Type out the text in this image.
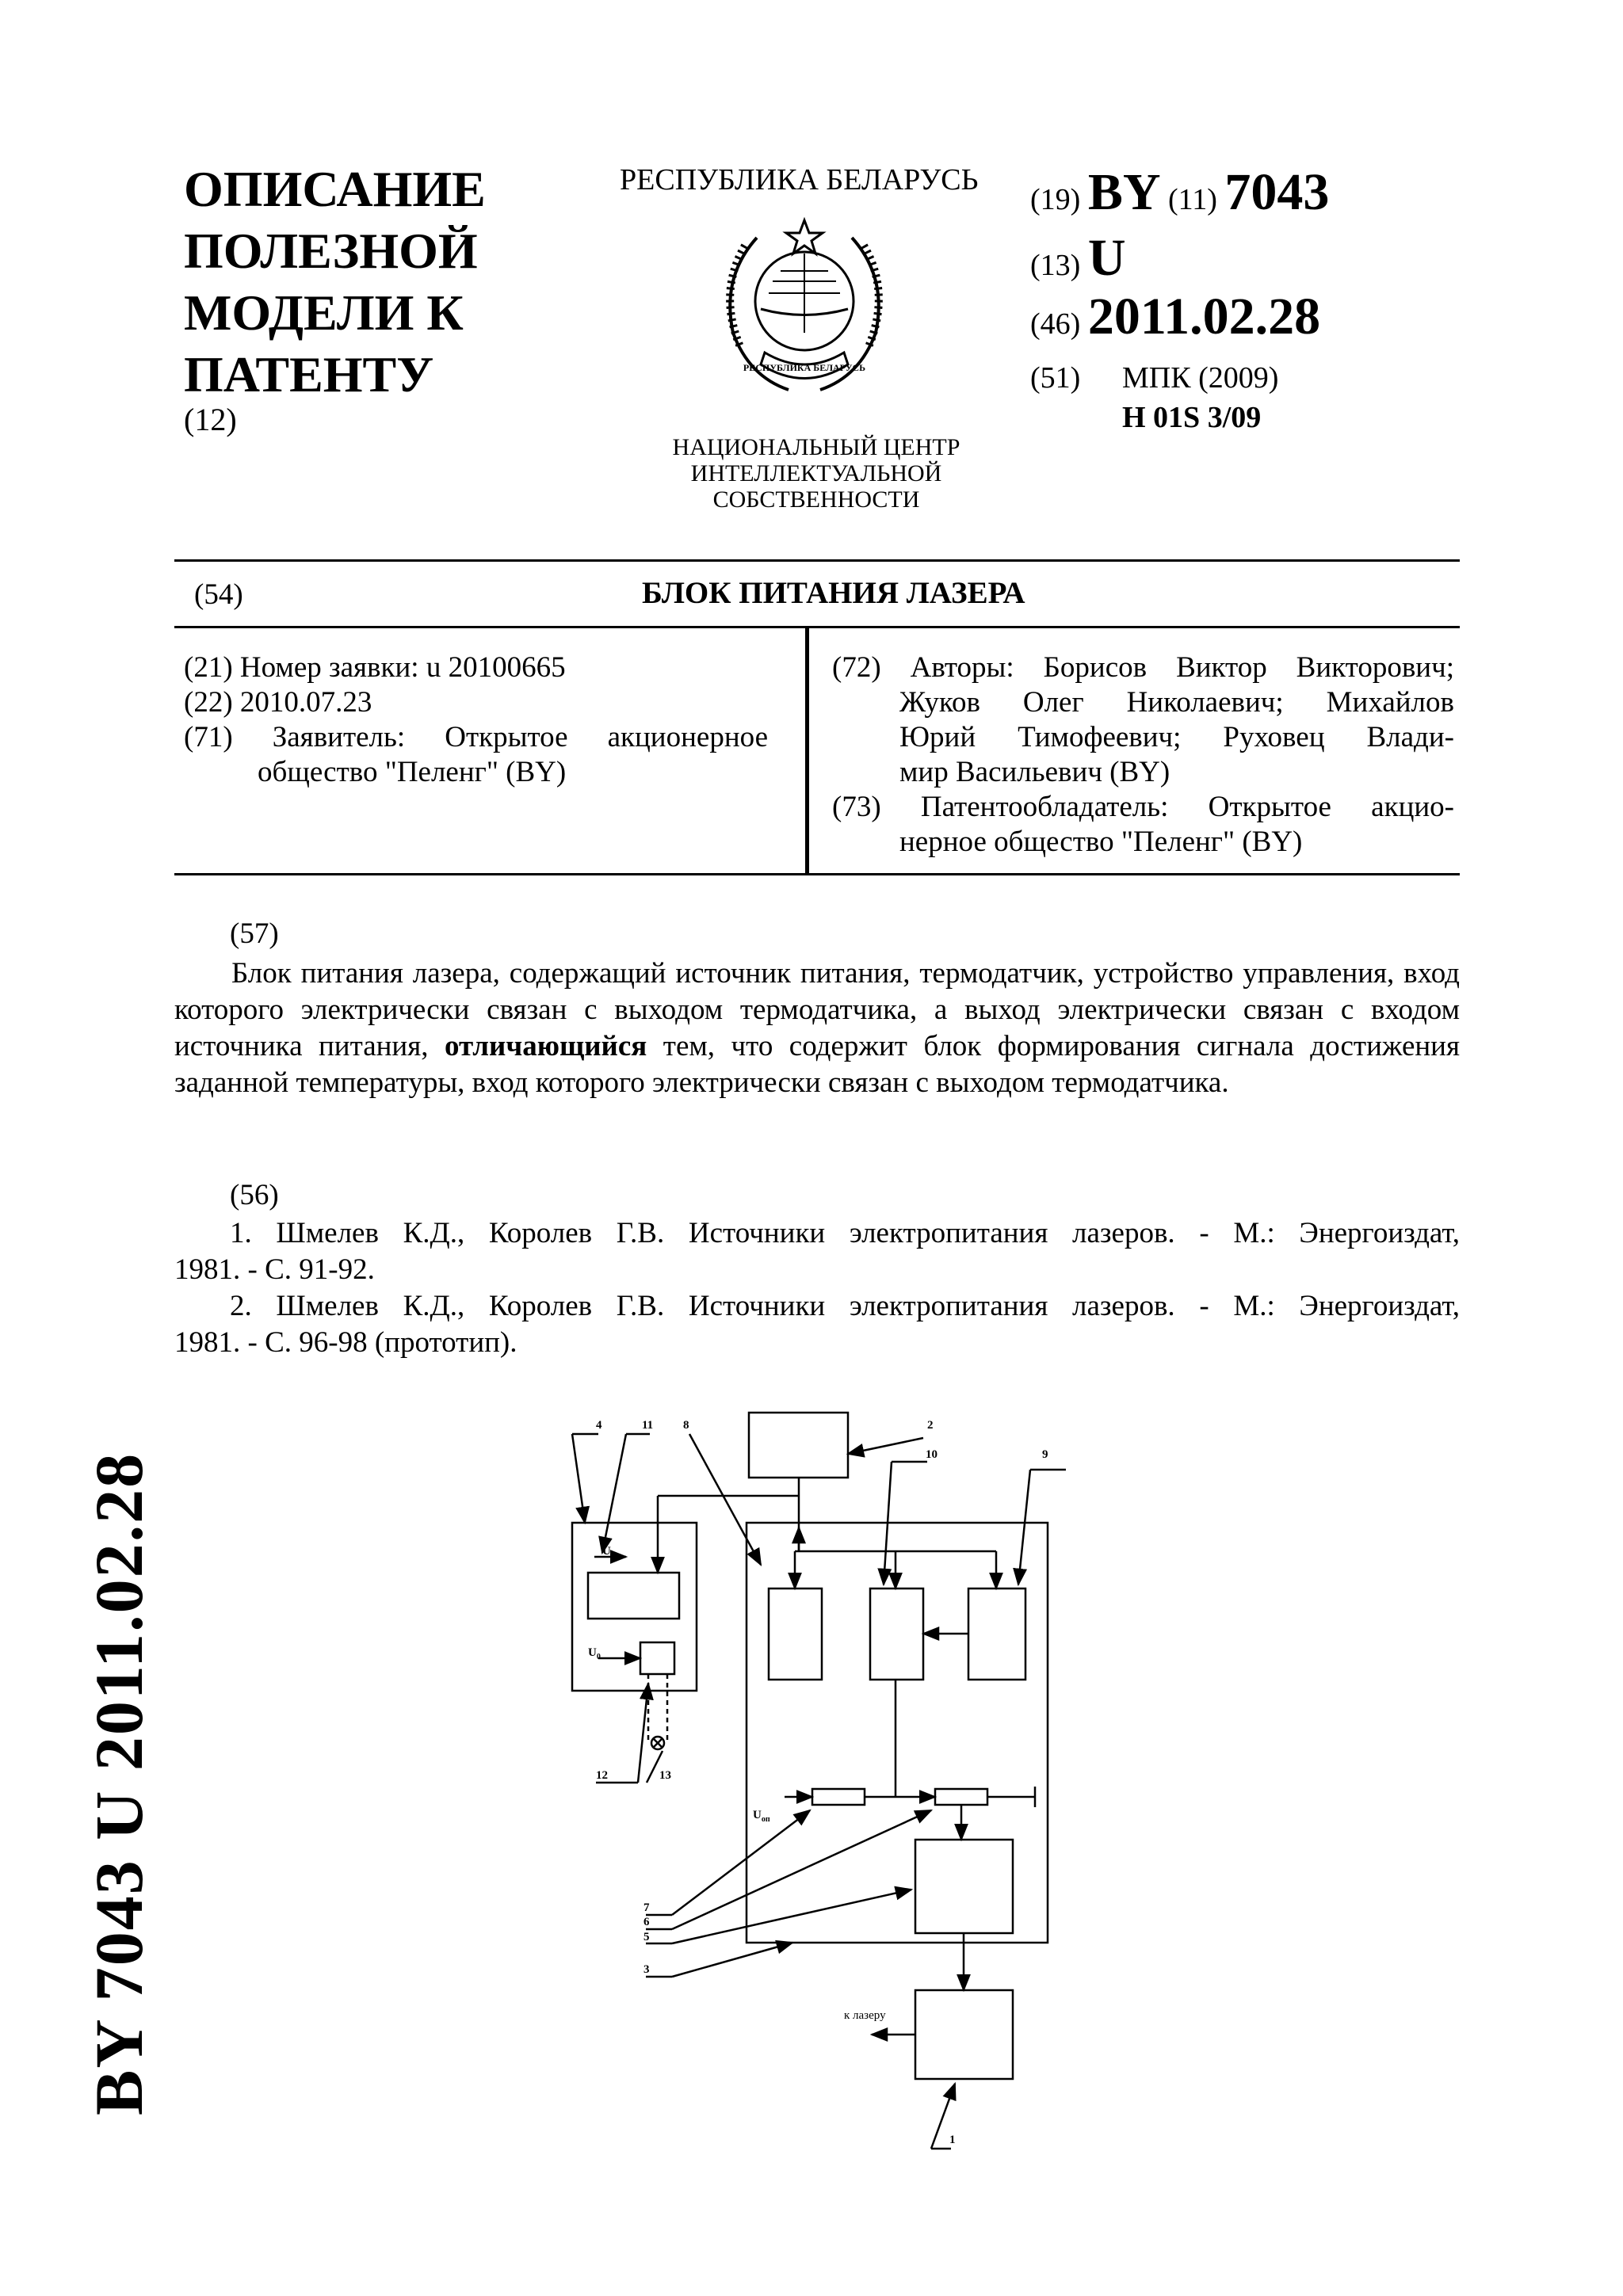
ОПИСАНИЕ
ПОЛЕЗНОЙ
МОДЕЛИ К
ПАТЕНТУ
(12)
РЕСПУБЛИКА БЕЛАРУСЬ
РЕСПУБЛИКА БЕЛАРУСЬ
НАЦИОНАЛЬНЫЙ ЦЕНТР
ИНТЕЛЛЕКТУАЛЬНОЙ
СОБСТВЕННОСТИ
(19) BY (11) 7043
(13) U
(46) 2011.02.28
(51) МПК (2009)
H 01S 3/09
(54)	БЛОК ПИТАНИЯ ЛАЗЕРА
(21) Номер заявки: u 20100665
(22) 2010.07.23
(71) Заявитель: Открытое акционерное
общество "Пеленг" (BY)
(72) Авторы: Борисов Виктор Викторович;
Жуков Олег Николаевич; Михайлов
Юрий Тимофеевич; Руховец Влади-
мир Васильевич (BY)
(73) Патентообладатель: Открытое акцио-
нерное общество "Пеленг" (BY)
(57)

Блок питания лазера, содержащий источник питания, термодатчик, устройство управления, вход которого электрически связан с выходом термодатчика, а выход электрически связан с входом источника питания, отличающийся тем, что содержит блок формирования сигнала достижения заданной температуры, вход которого электрически связан с выходом термодатчика.

(56)
1. Шмелев К.Д., Королев Г.В. Источники электропитания лазеров. - М.: Энергоиздат,
1981. - С. 91-92.
2. Шмелев К.Д., Королев Г.В. Источники электропитания лазеров. - М.: Энергоиздат,
1981. - С. 96-98 (прототип).
4	11	8	2
10	9
12	13
7
6
5
3
1
$U_{оп}$
$U_0$
$U_{оп}$
к лазеру
BY 7043 U 2011.02.28
